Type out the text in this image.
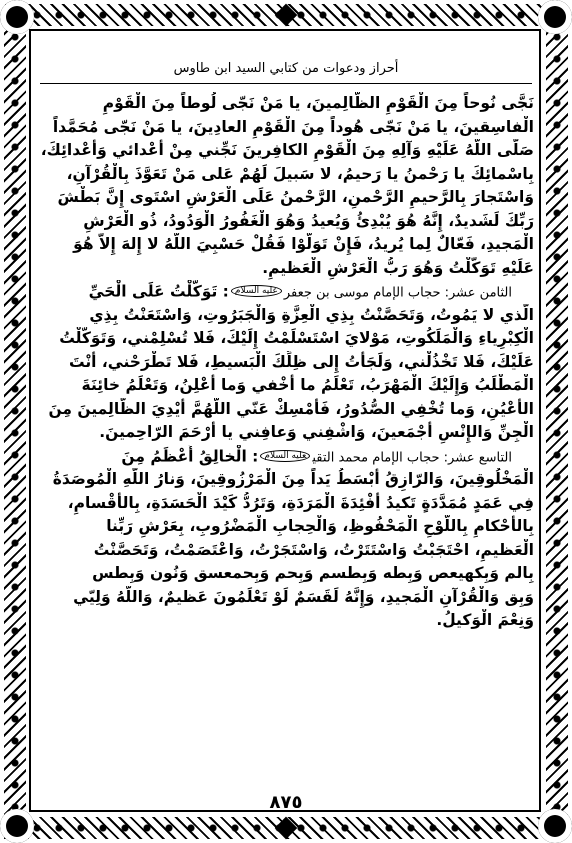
أحراز ودعوات من كتابي السيد ابن طاوس
نَجَّى نُوحاً مِنَ الْقَوْمِ الظّالِمينَ، يا مَنْ نَجّى لُوطاً مِنَ الْقَوْمِ
الْفاسِقينَ، يا مَنْ نَجّى هُوداً مِنَ الْقَوْمِ العادِينَ، يا مَنْ نَجّى مُحَمَّداً
صَلَّى اللَّهُ عَلَيْهِ وَآلِهِ مِنَ الْقَوْمِ الكافِرينَ نَجِّني مِنْ أَعْدائي وَأَعْدائِكَ،
بِاسْمائِكَ يا رَحْمنُ يا رَحيمُ، لا سَبيلَ لَهُمْ عَلى مَنْ تَعَوَّذَ بِالْقُرْآنِ،
وَاسْتَجارَ بِالرَّحيمِ الرَّحْمنِ، الرَّحْمنُ عَلَى الْعَرْشِ اسْتَوى إِنَّ بَطْشَ
رَبِّكَ لَشَديدٌ، إِنَّهُ هُوَ يُبْدِئُ وَيُعيدُ وَهُوَ الْغَفُورُ الْوَدُودُ، ذُو الْعَرْشِ
الْمَجيدِ، فَعّالٌ لِما يُريدُ، فَإِنْ تَوَلَّوْا فَقُلْ حَسْبِيَ اللَّهُ لا إِلهَ إِلاَّ هُوَ
عَلَيْهِ تَوَكَّلْتُ وَهُوَ رَبُّ الْعَرْشِ الْعَظيمِ.
الثامن عشر: حجاب الإمام موسى بن جعفرعليه السلام: تَوَكَّلْتُ عَلَى الْحَيِّ
الَّذي لا يَمُوتُ، وَتَحَصَّنْتُ بِذِي الْعِزَّةِ وَالْجَبَرُوتِ، وَاسْتَعَنْتُ بِذِي
الْكِبْرِياءِ وَالْمَلَكُوتِ، مَوْلايَ اسْتَسْلَمْتُ إِلَيْكَ، فَلا تُسْلِمْني، وَتَوَكَّلْتُ
عَلَيْكَ، فَلا تَخْذُلْني، وَلَجَأْتُ إِلى ظِلِّكَ الْبَسيطِ، فَلا تَطْرَحْني، أَنْتَ
الْمَطْلَبُ وَإِلَيْكَ الْمَهْرَبُ، تَعْلَمُ ما أُخْفي وَما أُعْلِنُ، وَتَعْلَمُ خائِنَةَ
الأَعْيُنِ، وَما تُخْفِي الصُّدُورُ، فَأَمْسِكْ عَنّي اللّهُمَّ أَيْدِيَ الظّالِمينَ مِنَ
الْجِنِّ وَالإِنْسِ أَجْمَعينَ، وَاشْفِني وَعافِني يا أَرْحَمَ الرّاحِمينَ.
التاسع عشر: حجاب الإمام محمد التقيعليه السلام: الْخالِقُ أَعْظَمُ مِنَ
الْمَخْلُوقِينَ، وَالرّازِقُ أَبْسَطُ يَداً مِنَ الْمَرْزُوقِينَ، وَنارُ اللَّهِ الْمُوصَدَةُ
فِي عَمَدٍ مُمَدَّدَةٍ تَكيدُ أَفْئِدَةَ الْمَرَدَةِ، وَتَرُدُّ كَيْدَ الْحَسَدَةِ، بِالأَقْسامِ،
بِالأَحْكامِ بِاللَّوْحِ الْمَحْفُوظِ، وَالْحِجابِ الْمَضْرُوبِ، بِعَرْشِ رَبِّنا
الْعَظيمِ، احْتَجَبْتُ وَاسْتَتَرْتُ، وَاسْتَجَرْتُ، وَاعْتَصَمْتُ، وَتَحَصَّنْتُ
بِالم وَبِكهيعص وَبِطه وَبِطسم وَبِحم وَبِحمعسق وَنُون وَبِطس
وَبِق وَالْقُرْآنِ الْمَجيدِ، وَإِنَّهُ لَقَسَمٌ لَوْ تَعْلَمُونَ عَظيمٌ، وَاللَّهُ وَلِيّي
وَنِعْمَ الْوَكيلُ.
٨٧٥
